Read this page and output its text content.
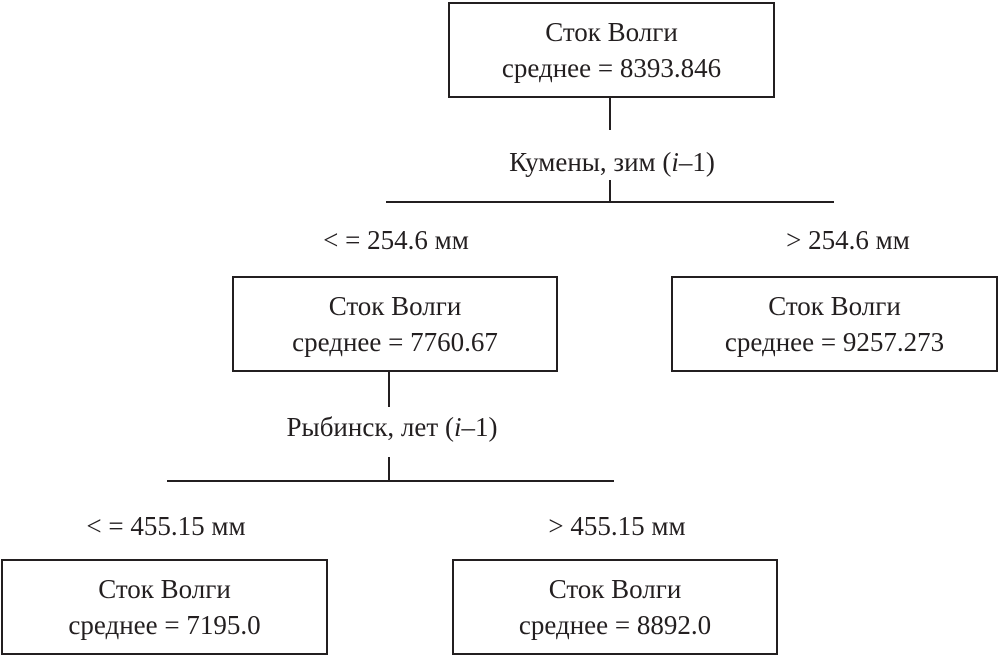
Сток Волги
среднее = 8393.846
Кумены, зим (i–1)
< = 254.6 мм	> 254.6 мм
Сток Волги
среднее = 7760.67
Сток Волги
среднее = 9257.273
Рыбинск, лет (i–1)
< = 455.15 мм	> 455.15 мм
Сток Волги
среднее = 7195.0
Сток Волги
среднее = 8892.0
